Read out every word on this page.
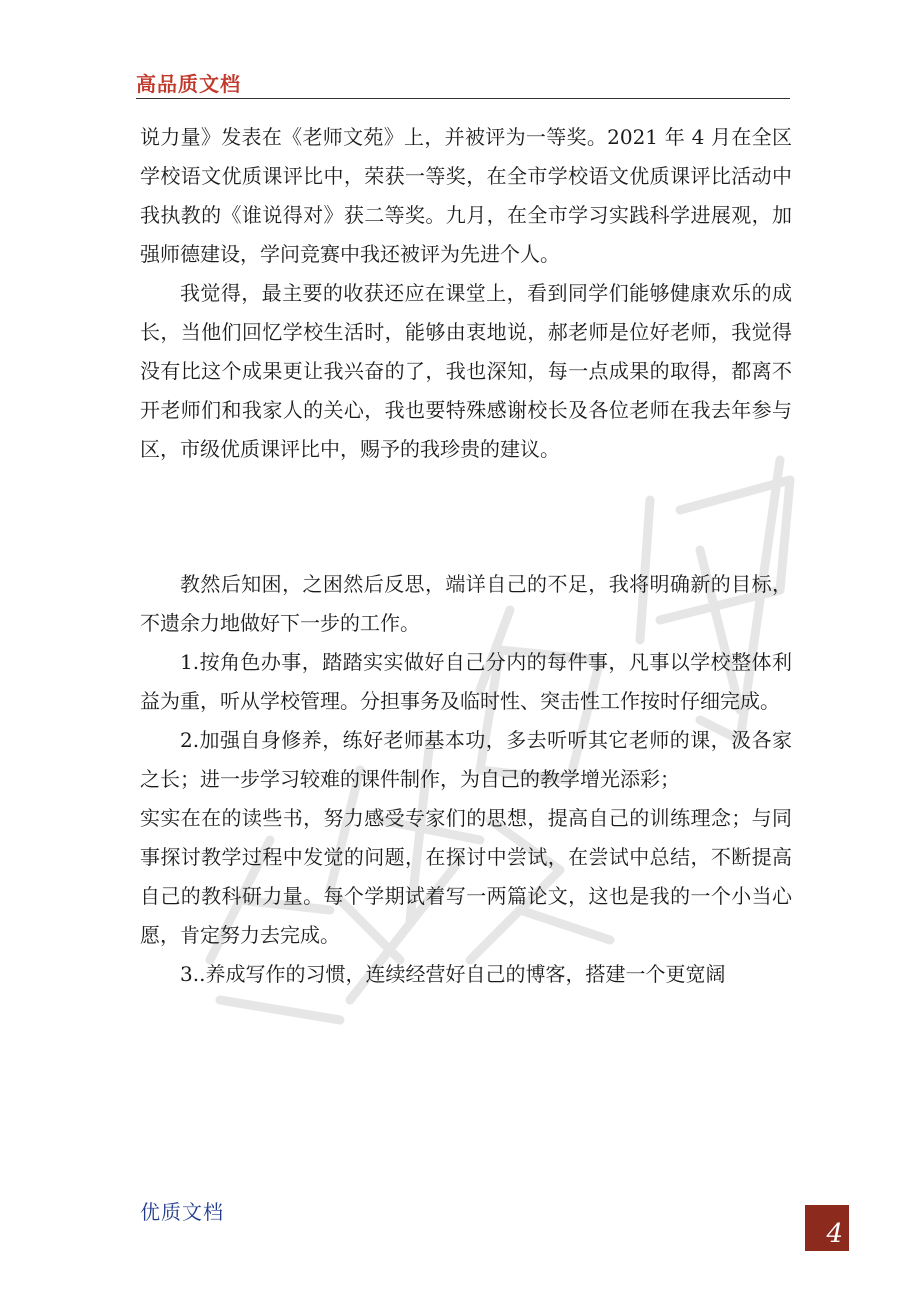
高品质文档

说力量》发表在《老师文苑》上，并被评为一等奖。2021 年 4 月在全区学校语文优质课评比中，荣获一等奖，在全市学校语文优质课评比活动中我执教的《谁说得对》获二等奖。九月，在全市学习实践科学进展观，加强师德建设，学问竞赛中我还被评为先进个人。

我觉得，最主要的收获还应在课堂上，看到同学们能够健康欢乐的成长，当他们回忆学校生活时，能够由衷地说，郝老师是位好老师，我觉得没有比这个成果更让我兴奋的了，我也深知，每一点成果的取得，都离不开老师们和我家人的关心，我也要特殊感谢校长及各位老师在我去年参与区，市级优质课评比中，赐予的我珍贵的建议。

教然后知困，之困然后反思，端详自己的不足，我将明确新的目标，不遗余力地做好下一步的工作。

1.按角色办事，踏踏实实做好自己分内的每件事，凡事以学校整体利益为重，听从学校管理。分担事务及临时性、突击性工作按时仔细完成。

2.加强自身修养，练好老师基本功，多去听听其它老师的课，汲各家之长；进一步学习较难的课件制作，为自己的教学增光添彩；

实实在在的读些书，努力感受专家们的思想，提高自己的训练理念；与同事探讨教学过程中发觉的问题，在探讨中尝试，在尝试中总结，不断提高自己的教科研力量。每个学期试着写一两篇论文，这也是我的一个小当心愿，肯定努力去完成。

3..养成写作的习惯，连续经营好自己的博客，搭建一个更宽阔

优质文档
4
